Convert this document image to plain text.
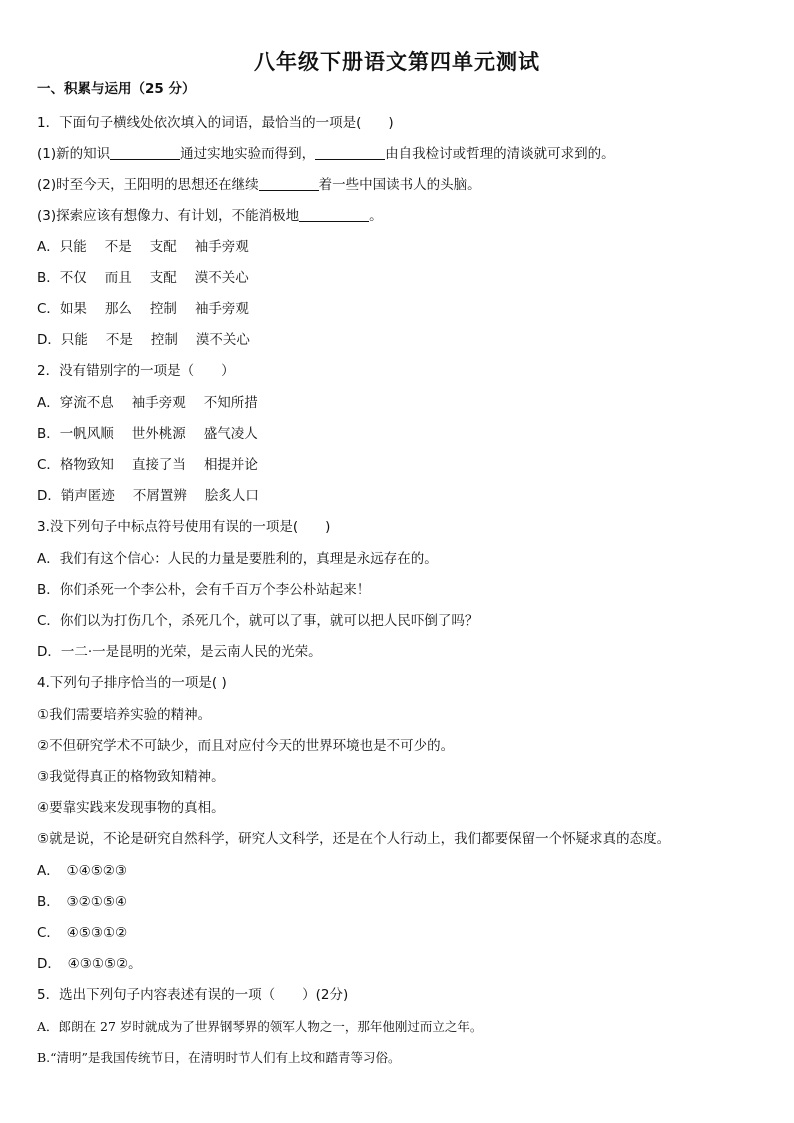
八年级下册语文第四单元测试
一、积累与运用（25 分）
1．下面句子横线处依次填入的词语，最恰当的一项是(　　)
(1)新的知识	通过实地实验而得到，	由自我检讨或哲理的清谈就可求到的。
(2)时至今天，王阳明的思想还在继续	着一些中国读书人的头脑。
(3)探索应该有想像力、有计划，不能消极地	。
A．只能 不是 支配 袖手旁观
B．不仅 而且 支配 漠不关心
C．如果 那么 控制 袖手旁观
D．只能 不是 控制 漠不关心
2．没有错别字的一项是（　　）
A．穿流不息 袖手旁观 不知所措
B．一帆风顺 世外桃源 盛气凌人
C．格物致知 直接了当 相提并论
D．销声匿迹 不屑置辨 脍炙人口
3.没下列句子中标点符号使用有误的一项是(　　)
A．我们有这个信心：人民的力量是要胜利的，真理是永远存在的。
B．你们杀死一个李公朴，会有千百万个李公朴站起来！
C．你们以为打伤几个，杀死几个，就可以了事，就可以把人民吓倒了吗？
D．一二·一是昆明的光荣，是云南人民的光荣。
4.下列句子排序恰当的一项是( )
①我们需要培养实验的精神。
②不但研究学术不可缺少，而且对应付今天的世界环境也是不可少的。
③我觉得真正的格物致知精神。
④要靠实践来发现事物的真相。
⑤就是说，不论是研究自然科学，研究人文科学，还是在个人行动上，我们都要保留一个怀疑求真的态度。
A．　①④⑤②③
B．　③②①⑤④
C．　④⑤③①②
D．　④③①⑤②。
5．选出下列句子内容表述有误的一项（　　）(2分)
A．郎朗在 27 岁时就成为了世界钢琴界的领军人物之一，那年他刚过而立之年。
B.“清明”是我国传统节日，在清明时节人们有上坟和踏青等习俗。
